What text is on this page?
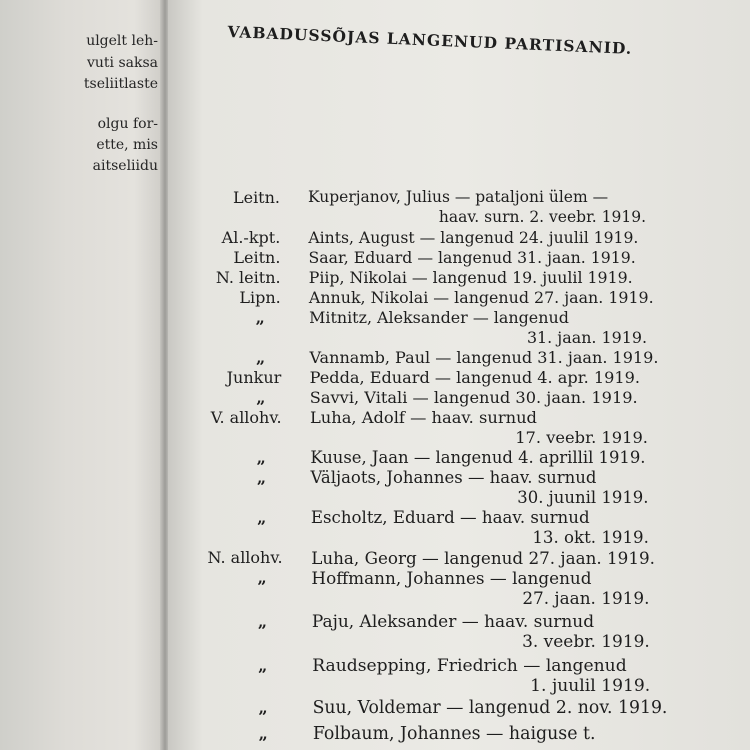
ulgelt leh-
vuti saksa
tseliitlaste
olgu for-
ette, mis
aitseliidu
VABADUSSÕJAS LANGENUD PARTISANID.
Leitn. Kuperjanov, Julius — pataljoni ülem —
haav. surn. 2. veebr. 1919.
Al.-kpt. Aints, August — langenud 24. juulil 1919.
Leitn. Saar, Eduard — langenud 31. jaan. 1919.
N. leitn. Piip, Nikolai — langenud 19. juulil 1919.
Lipn. Annuk, Nikolai — langenud 27. jaan. 1919.
„	Mitnitz, Aleksander — langenud
31. jaan. 1919.
„	Vannamb, Paul — langenud 31. jaan. 1919.
Junkur Pedda, Eduard — langenud 4. apr. 1919.
„	Savvi, Vitali — langenud 30. jaan. 1919.
V. allohv. Luha, Adolf — haav. surnud
17. veebr. 1919.
„	Kuuse, Jaan — langenud 4. aprillil 1919.
„	Väljaots, Johannes — haav. surnud
30. juunil 1919.
„	Escholtz, Eduard — haav. surnud
13. okt. 1919.
N. allohv. Luha, Georg — langenud 27. jaan. 1919.
„	Hoffmann, Johannes — langenud
27. jaan. 1919.
„	Paju, Aleksander — haav. surnud
3. veebr. 1919.
„	Raudsepping, Friedrich — langenud
1. juulil 1919.
„	Suu, Voldemar — langenud 2. nov. 1919.
„	Folbaum, Johannes — haiguse t.
